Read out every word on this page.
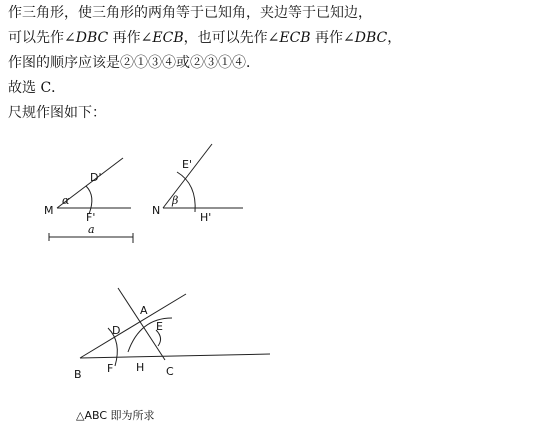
作三角形，使三角形的两角等于已知角，夹边等于已知边，
可以先作∠DBC 再作∠ECB，也可以先作∠ECB 再作∠DBC，
作图的顺序应该是②①③④或②③①④．
故选 C．
尺规作图如下：
M
α
D'
F'
a
N
β
E'
H'
A
B	C
D	E
F H
△ABC 即为所求
